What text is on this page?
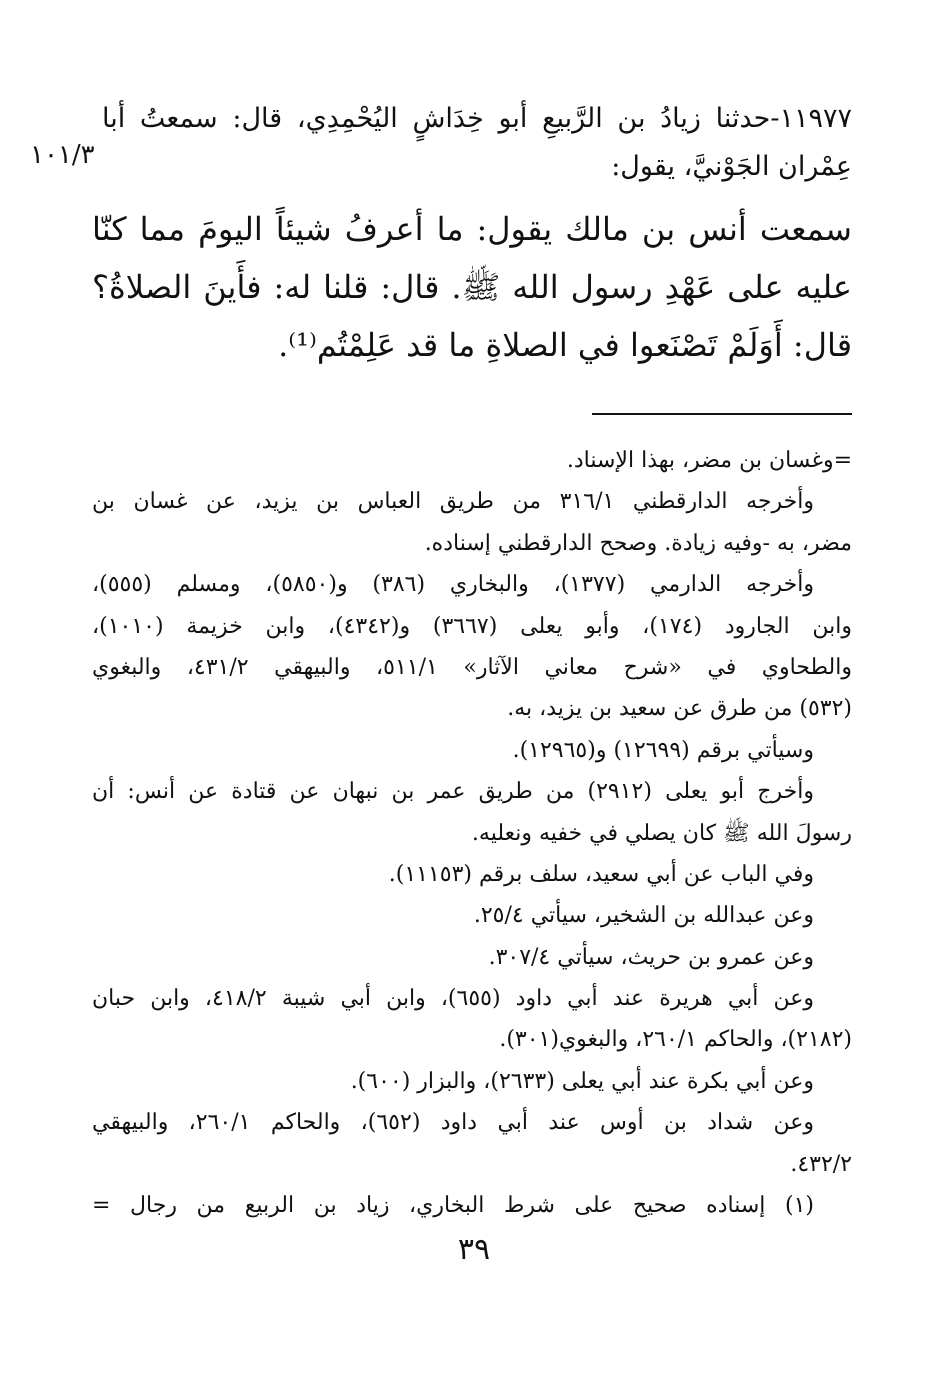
١٠١/٣
١١٩٧٧-حدثنا زيادُ بن الرَّبيعِ أبو خِدَاشٍ اليُحْمِدِي، قال: سمعتُ أبا
عِمْران الجَوْنيَّ، يقول:
سمعت أنس بن مالك يقول: ما أعرفُ شيئاً اليومَ مما كنّا
عليه على عَهْدِ رسول الله ﷺ. قال: قلنا له: فأَينَ الصلاةُ؟
قال: أَوَلَمْ تَصْنَعوا في الصلاةِ ما قد عَلِمْتُم⁽¹⁾.
=وغسان بن مضر، بهذا الإسناد.
وأخرجه الدارقطني ٣١٦/١ من طريق العباس بن يزيد، عن غسان بن
مضر، به -وفيه زيادة. وصحح الدارقطني إسناده.
وأخرجه الدارمي (١٣٧٧)، والبخاري (٣٨٦) و(٥٨٥٠)، ومسلم (٥٥٥)،
وابن الجارود (١٧٤)، وأبو يعلى (٣٦٦٧) و(٤٣٤٢)، وابن خزيمة (١٠١٠)،
والطحاوي في «شرح معاني الآثار» ٥١١/١، والبيهقي ٤٣١/٢، والبغوي
(٥٣٢) من طرق عن سعيد بن يزيد، به.
وسيأتي برقم (١٢٦٩٩) و(١٢٩٦٥).
وأخرج أبو يعلى (٢٩١٢) من طريق عمر بن نبهان عن قتادة عن أنس: أن
رسولَ الله ﷺ كان يصلي في خفيه ونعليه.
وفي الباب عن أبي سعيد، سلف برقم (١١١٥٣).
وعن عبدالله بن الشخير، سيأتي ٢٥/٤.
وعن عمرو بن حريث، سيأتي ٣٠٧/٤.
وعن أبي هريرة عند أبي داود (٦٥٥)، وابن أبي شيبة ٤١٨/٢، وابن حبان
(٢١٨٢)، والحاكم ٢٦٠/١، والبغوي(٣٠١).
وعن أبي بكرة عند أبي يعلى (٢٦٣٣)، والبزار (٦٠٠).
وعن شداد بن أوس عند أبي داود (٦٥٢)، والحاكم ٢٦٠/١، والبيهقي
٤٣٢/٢.
(١) إسناده صحيح على شرط البخاري، زياد بن الربيع من رجال =
٣٩
